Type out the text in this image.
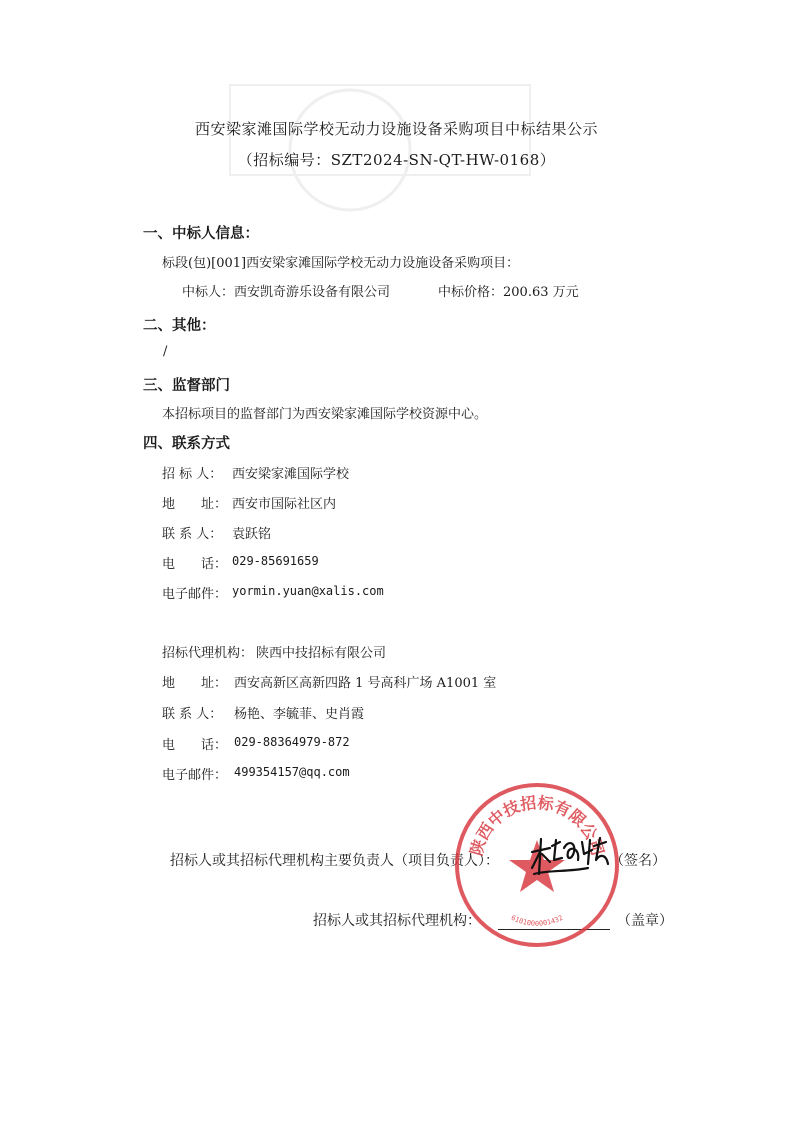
西安梁家滩国际学校无动力设施设备采购项目中标结果公示
（招标编号：SZT2024-SN-QT-HW-0168）
一、中标人信息：
标段(包)[001]西安梁家滩国际学校无动力设施设备采购项目：
中标人：西安凯奇游乐设备有限公司	中标价格：200.63 万元
二、其他：
/
三、监督部门
本招标项目的监督部门为西安梁家滩国际学校资源中心。
四、联系方式
招 标 人： 西安梁家滩国际学校
地　　址： 西安市国际社区内
联 系 人： 袁跃铭
电　　话： 029-85691659
电子邮件： yormin.yuan@xalis.com
招标代理机构： 陕西中技招标有限公司
地　　址： 西安高新区高新四路 1 号高科广场 A1001 室
联 系 人： 杨艳、李毓菲、史肖霞
电　　话： 029-88364979-872
电子邮件： 499354157@qq.com
招标人或其招标代理机构主要负责人（项目负责人）：	（签名）
招标人或其招标代理机构：	（盖章）
陕西中技招标有限公司
6101000001432
